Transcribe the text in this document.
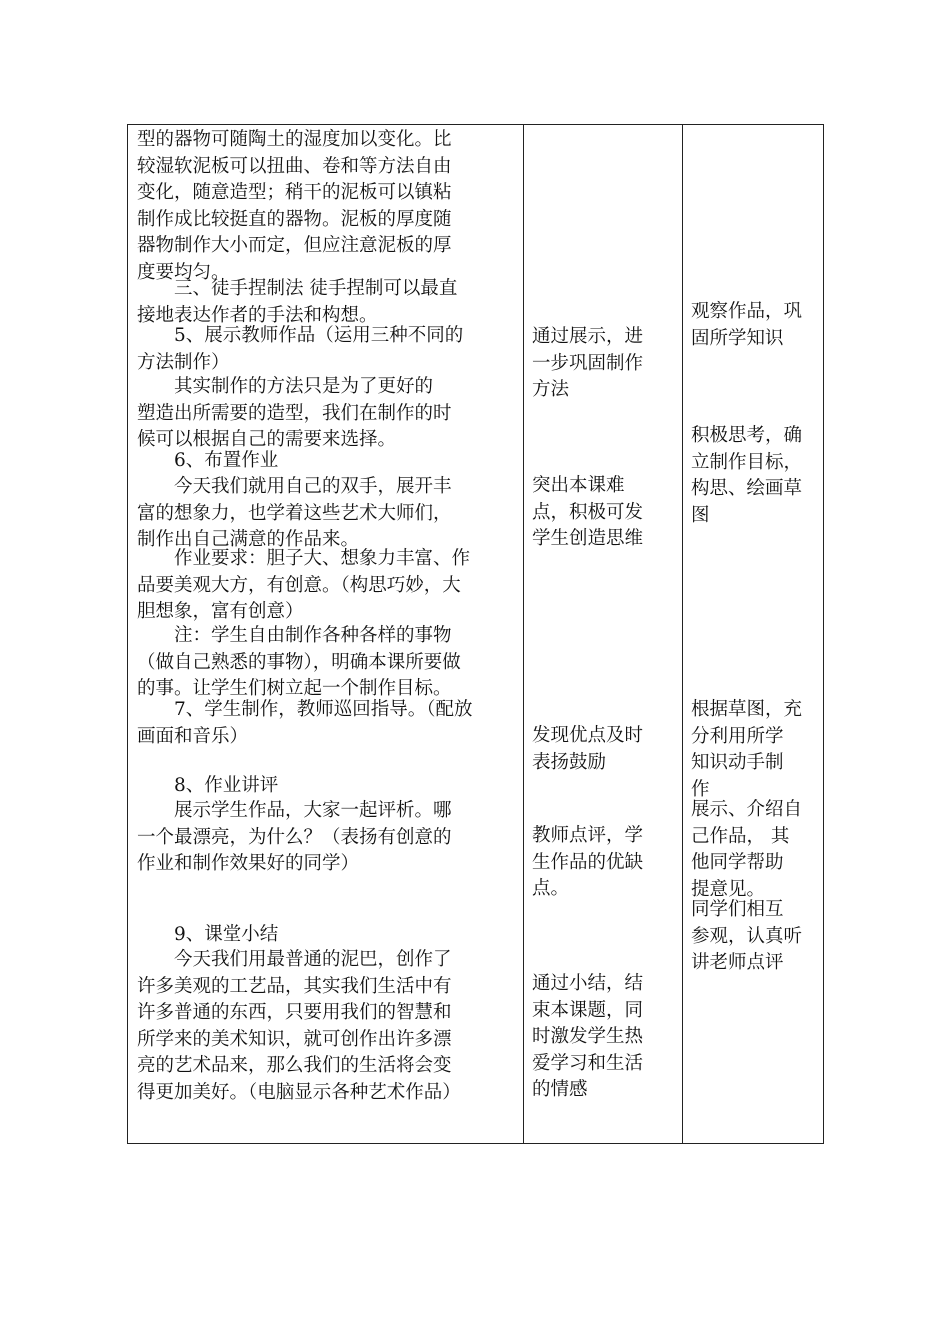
型的器物可随陶土的湿度加以变化。比
较湿软泥板可以扭曲、卷和等方法自由
变化，随意造型；稍干的泥板可以镇粘
制作成比较挺直的器物。泥板的厚度随
器物制作大小而定，但应注意泥板的厚
度要均匀。
　　三、徒手捏制法 徒手捏制可以最直
接地表达作者的手法和构想。
　　5、展示教师作品（运用三种不同的
方法制作）
　　其实制作的方法只是为了更好的
塑造出所需要的造型，我们在制作的时
候可以根据自己的需要来选择。
　　6、布置作业
　　今天我们就用自己的双手，展开丰
富的想象力，也学着这些艺术大师们，
制作出自己满意的作品来。
　　作业要求：胆子大、想象力丰富、作
品要美观大方，有创意。（构思巧妙，大
胆想象，富有创意）
　　注：学生自由制作各种各样的事物
（做自己熟悉的事物），明确本课所要做
的事。让学生们树立起一个制作目标。
　　7、学生制作，教师巡回指导。（配放
画面和音乐）
　　8、作业讲评
　　展示学生作品，大家一起评析。哪
一个最漂亮，为什么？（表扬有创意的
作业和制作效果好的同学）
　　9、课堂小结
　　今天我们用最普通的泥巴，创作了
许多美观的工艺品，其实我们生活中有
许多普通的东西，只要用我们的智慧和
所学来的美术知识，就可创作出许多漂
亮的艺术品来，那么我们的生活将会变
得更加美好。（电脑显示各种艺术作品）
通过展示，进
一步巩固制作
方法
突出本课难
点，积极可发
学生创造思维
发现优点及时
表扬鼓励
教师点评，学
生作品的优缺
点。
通过小结，结
束本课题，同
时激发学生热
爱学习和生活
的情感
观察作品，巩
固所学知识
积极思考，确
立制作目标，
构思、绘画草
图
根据草图，充
分利用所学
知识动手制
作
展示、介绍自
己作品， 其
他同学帮助
提意见。
同学们相互
参观，认真听
讲老师点评
